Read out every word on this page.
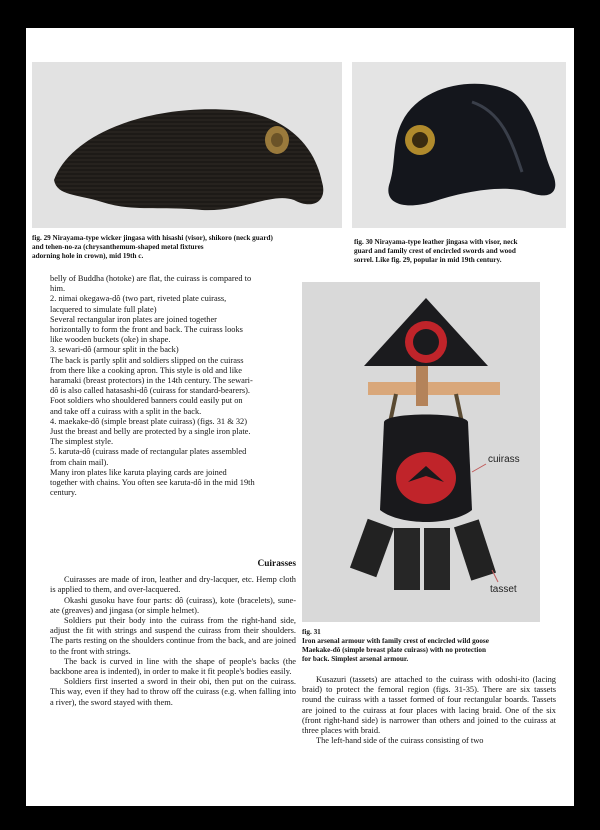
fig. 29 Nirayama-type wicker jingasa with hisashi (visor), shikoro (neck guard)
and tehen-no-za (chrysanthemum-shaped metal fixtures
adorning hole in crown), mid 19th c.
fig. 30 Nirayama-type leather jingasa with visor, neck
guard and family crest of encircled swords and wood
sorrel. Like fig. 29, popular in mid 19th century.

belly of Buddha (hotoke) are flat, the cuirass is compared to

him.

2. nimai okegawa-dô (two part, riveted plate cuirass,

lacquered to simulate full plate)

Several rectangular iron plates are joined together

horizontally to form the front and back. The cuirass looks

like wooden buckets (oke) in shape.

3. sewari-dô (armour split in the back)

The back is partly split and soldiers slipped on the cuirass

from there like a cooking apron. This style is old and like

haramaki (breast protectors) in the 14th century. The sewari-

dô is also called hatasashi-dô (cuirass for standard-bearers).

Foot soldiers who shouldered banners could easily put on

and take off a cuirass with a split in the back.

4. maekake-dô (simple breast plate cuirass) (figs. 31 & 32)

Just the breast and belly are protected by a single iron plate.

The simplest style.

5. karuta-dô (cuirass made of rectangular plates assembled

from chain mail).

Many iron plates like karuta playing cards are joined

together with chains. You often see karuta-dô in the mid 19th

century.

Cuirasses

Cuirasses are made of iron, leather and dry-lacquer, etc. Hemp cloth is applied to them, and over-lacquered.

Okashi gusoku have four parts: dô (cuirass), kote (bracelets), sune-ate (greaves) and jingasa (or simple helmet).

Soldiers put their body into the cuirass from the right-hand side, adjust the fit with strings and suspend the cuirass from their shoulders. The parts resting on the shoulders continue from the back, and are joined to the front with strings.

The back is curved in line with the shape of people's backs (the backbone area is indented), in order to make it fit people's bodies easily.

Soldiers first inserted a sword in their obi, then put on the cuirass. This way, even if they had to throw off the cuirass (e.g. when falling into a river), the sword stayed with them.

cuirass
tasset
fig. 31
Iron arsenal armour with family crest of encircled wild goose
Maekake-dô (simple breast plate cuirass) with no protection
for back. Simplest arsenal armour.

Kusazuri (tassets) are attached to the cuirass with odoshi-ito (lacing braid) to protect the femoral region (figs. 31-35). There are six tassets round the cuirass with a tasset formed of four rectangular boards. Tassets are joined to the cuirass at four places with lacing braid. One of the six (front right-hand side) is narrower than others and joined to the cuirass at three places with braid.

The left-hand side of the cuirass consisting of two
